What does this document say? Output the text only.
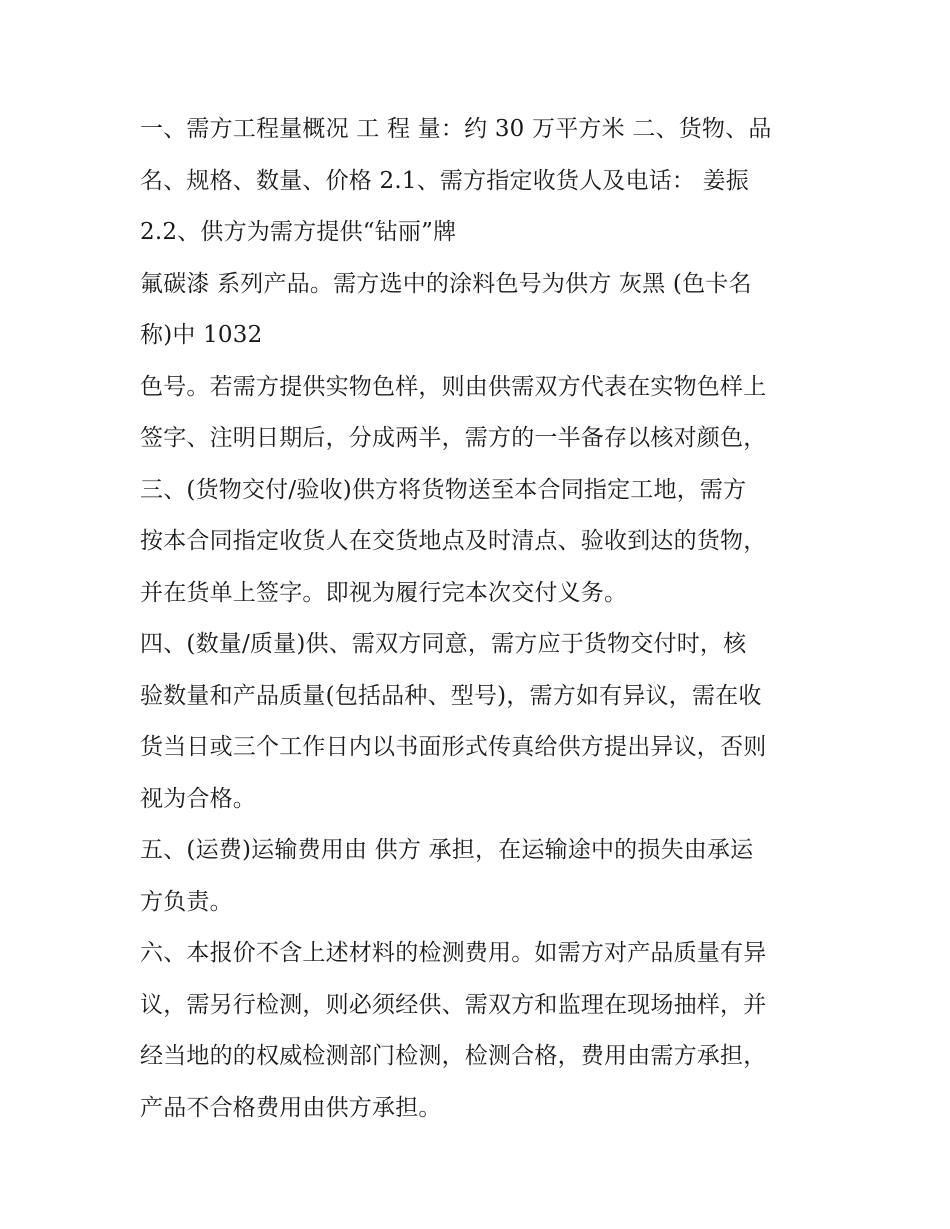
一、需方工程量概况 工 程 量：约 30 万平方米 二、货物、品
名、规格、数量、价格 2.1、需方指定收货人及电话： 姜振
2.2、供方为需方提供“钻丽”牌
氟碳漆 系列产品。需方选中的涂料色号为供方 灰黑 (色卡名
称)中 1032
色号。若需方提供实物色样，则由供需双方代表在实物色样上
签字、注明日期后，分成两半，需方的一半备存以核对颜色，
三、(货物交付/验收)供方将货物送至本合同指定工地，需方
按本合同指定收货人在交货地点及时清点、验收到达的货物，
并在货单上签字。即视为履行完本次交付义务。
四、(数量/质量)供、需双方同意，需方应于货物交付时，核
验数量和产品质量(包括品种、型号)，需方如有异议，需在收
货当日或三个工作日内以书面形式传真给供方提出异议，否则
视为合格。
五、(运费)运输费用由 供方 承担，在运输途中的损失由承运
方负责。
六、本报价不含上述材料的检测费用。如需方对产品质量有异
议，需另行检测，则必须经供、需双方和监理在现场抽样，并
经当地的的权威检测部门检测，检测合格，费用由需方承担，
产品不合格费用由供方承担。
